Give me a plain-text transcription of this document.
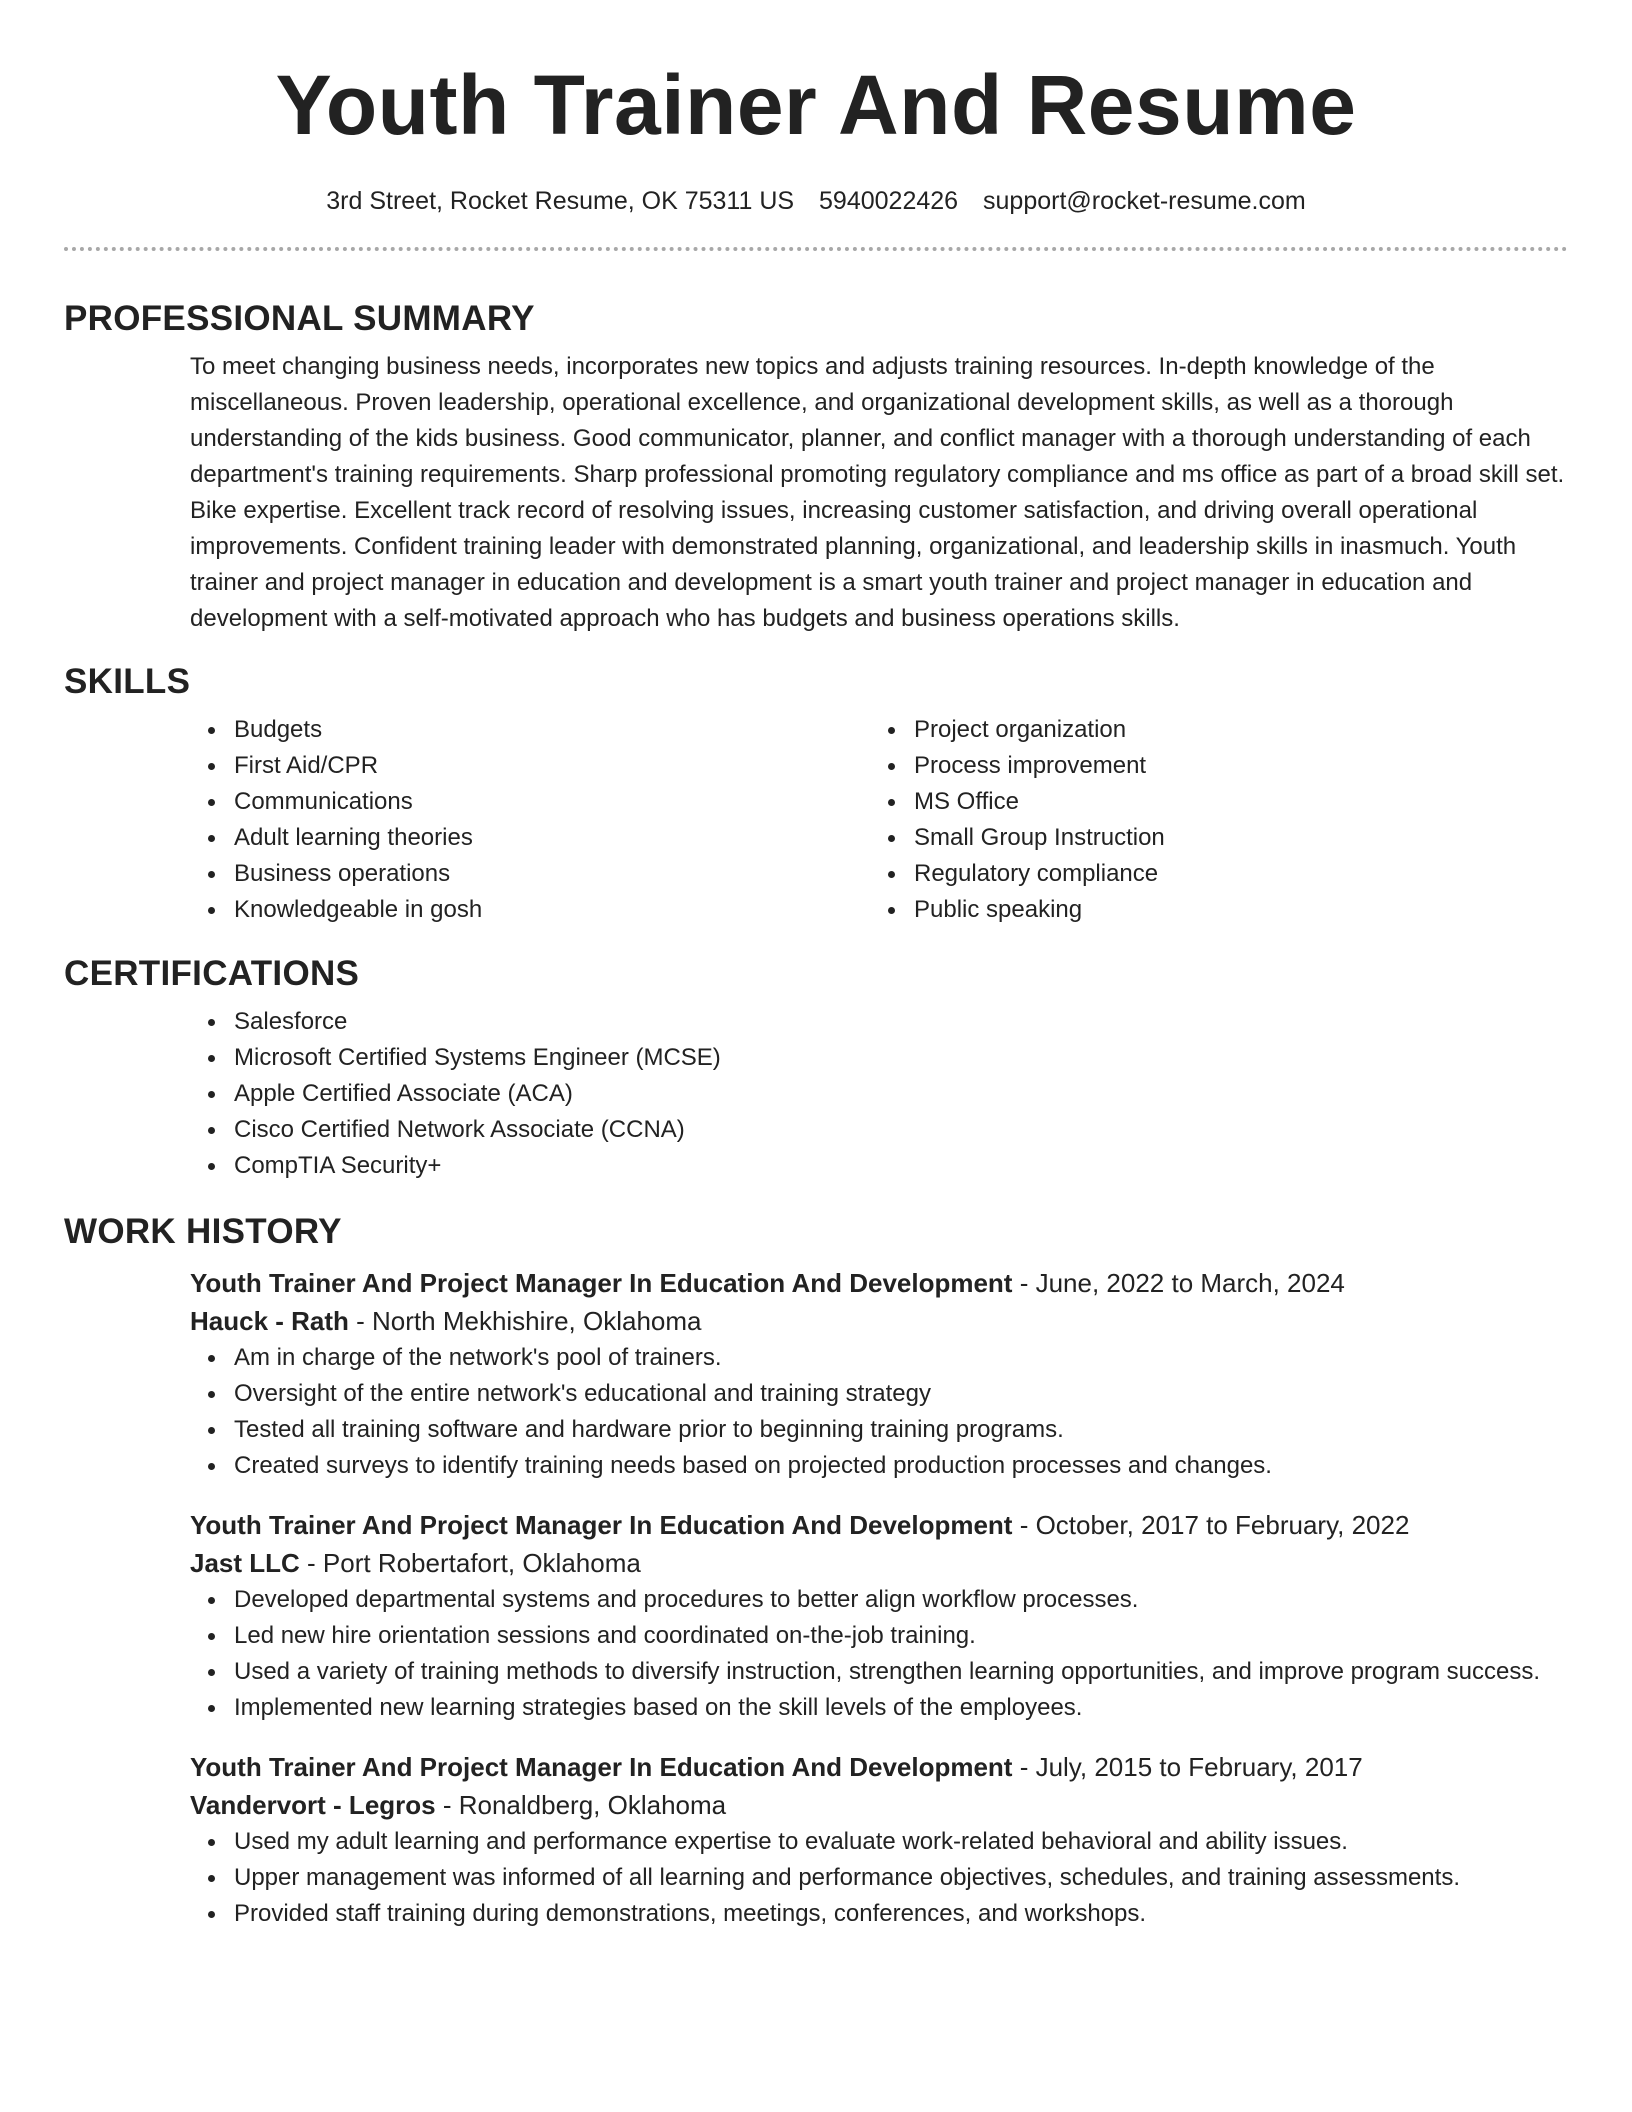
Youth Trainer And Resume
3rd Street, Rocket Resume, OK 75311 US 5940022426 support@rocket-resume.com
PROFESSIONAL SUMMARY

To meet changing business needs, incorporates new topics and adjusts training resources. In-depth knowledge of the miscellaneous. Proven leadership, operational excellence, and organizational development skills, as well as a thorough understanding of the kids business. Good communicator, planner, and conflict manager with a thorough understanding of each department's training requirements. Sharp professional promoting regulatory compliance and ms office as part of a broad skill set. Bike expertise. Excellent track record of resolving issues, increasing customer satisfaction, and driving overall operational improvements. Confident training leader with demonstrated planning, organizational, and leadership skills in inasmuch. Youth trainer and project manager in education and development is a smart youth trainer and project manager in education and development with a self-motivated approach who has budgets and business operations skills.

SKILLS
Budgets
First Aid/CPR
Communications
Adult learning theories
Business operations
Knowledgeable in gosh
Project organization
Process improvement
MS Office
Small Group Instruction
Regulatory compliance
Public speaking
CERTIFICATIONS
Salesforce
Microsoft Certified Systems Engineer (MCSE)
Apple Certified Associate (ACA)
Cisco Certified Network Associate (CCNA)
CompTIA Security+
WORK HISTORY
Youth Trainer And Project Manager In Education And Development - June, 2022 to March, 2024
Hauck - Rath - North Mekhishire, Oklahoma
Am in charge of the network's pool of trainers.
Oversight of the entire network's educational and training strategy
Tested all training software and hardware prior to beginning training programs.
Created surveys to identify training needs based on projected production processes and changes.
Youth Trainer And Project Manager In Education And Development - October, 2017 to February, 2022
Jast LLC - Port Robertafort, Oklahoma
Developed departmental systems and procedures to better align workflow processes.
Led new hire orientation sessions and coordinated on-the-job training.
Used a variety of training methods to diversify instruction, strengthen learning opportunities, and improve program success.
Implemented new learning strategies based on the skill levels of the employees.
Youth Trainer And Project Manager In Education And Development - July, 2015 to February, 2017
Vandervort - Legros - Ronaldberg, Oklahoma
Used my adult learning and performance expertise to evaluate work-related behavioral and ability issues.
Upper management was informed of all learning and performance objectives, schedules, and training assessments.
Provided staff training during demonstrations, meetings, conferences, and workshops.
